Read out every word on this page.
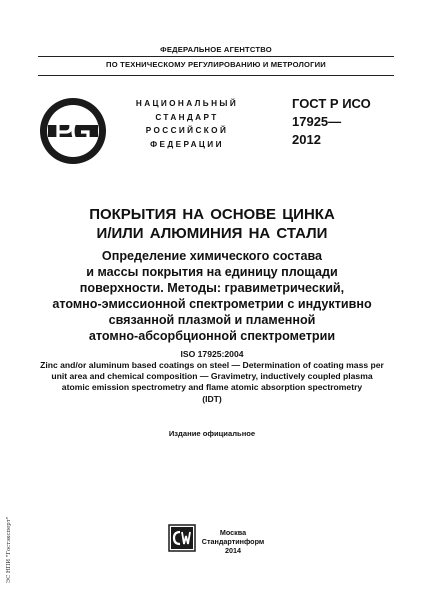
ФЕДЕРАЛЬНОЕ АГЕНТСТВО
ПО ТЕХНИЧЕСКОМУ РЕГУЛИРОВАНИЮ И МЕТРОЛОГИИ
НАЦИОНАЛЬНЫЙ
СТАНДАРТ
РОССИЙСКОЙ
ФЕДЕРАЦИИ
ГОСТ Р ИСО
17925—
2012
ПОКРЫТИЯ НА ОСНОВЕ ЦИНКА
И/ИЛИ АЛЮМИНИЯ НА СТАЛИ
Определение химического состава
и массы покрытия на единицу площади
поверхности. Методы: гравиметрический,
атомно-эмиссионной спектрометрии с индуктивно
связанной плазмой и пламенной
атомно-абсорбционной спектрометрии
ISO 17925:2004
Zinc and/or aluminum based coatings on steel — Determination of coating mass per
unit area and chemical composition — Gravimetry, inductively coupled plasma
atomic emission spectrometry and flame atomic absorption spectrometry
(IDT)
Издание официальное
Москва
Стандартинформ
2014
ЭС НПИ "Гостэксперт"
